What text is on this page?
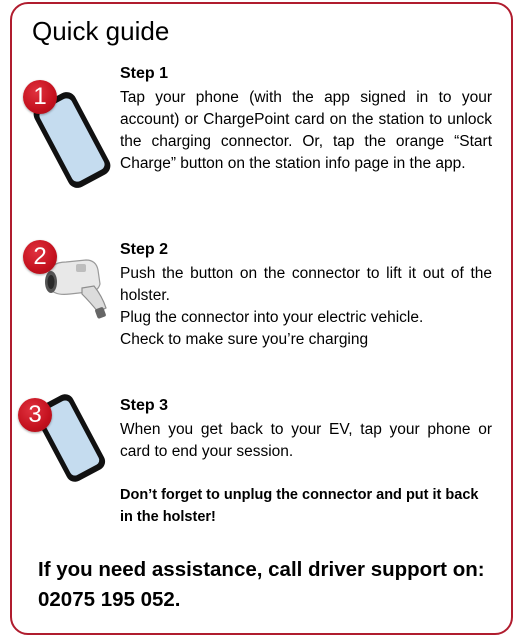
Quick guide
1
Step 1
Tap your phone (with the app signed in to your account) or ChargePoint card on the station to unlock the charging connector. Or, tap the orange “Start Charge” button on the station info page in the app.
2	Step 2
Push the button on the connector to lift it out of the holster.
Plug the connector into your electric vehicle.
Check to make sure you’re charging
3	Step 3
When you get back to your EV, tap your phone or card to end your session.
Don’t forget to unplug the connector and put it back in the holster!
If you need assistance, call driver support on: 02075 195 052.
